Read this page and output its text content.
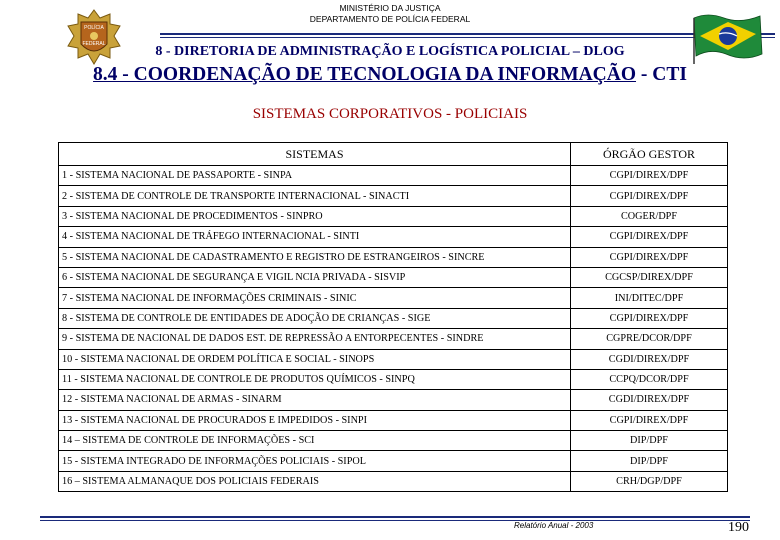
MINISTÉRIO DA JUSTIÇA
DEPARTAMENTO DE POLÍCIA FEDERAL
POLÍCIA
FEDERAL	8 - DIRETORIA DE ADMINISTRAÇÃO E LOGÍSTICA POLICIAL – DLOG
8.4 - COORDENAÇÃO DE TECNOLOGIA DA INFORMAÇÃO - CTI
SISTEMAS CORPORATIVOS - POLICIAIS
SISTEMAS	ÓRGÃO GESTOR
1 - SISTEMA NACIONAL DE PASSAPORTE - SINPA	CGPI/DIREX/DPF
2 - SISTEMA DE CONTROLE DE TRANSPORTE INTERNACIONAL - SINACTI	CGPI/DIREX/DPF
3 - SISTEMA NACIONAL DE PROCEDIMENTOS - SINPRO	COGER/DPF
4 - SISTEMA NACIONAL DE TRÁFEGO INTERNACIONAL - SINTI	CGPI/DIREX/DPF
5 - SISTEMA NACIONAL DE CADASTRAMENTO E REGISTRO DE ESTRANGEIROS - SINCRE	CGPI/DIREX/DPF
6 - SISTEMA NACIONAL DE SEGURANÇA E VIGIL NCIA PRIVADA - SISVIP	CGCSP/DIREX/DPF
7 - SISTEMA NACIONAL DE INFORMAÇÕES CRIMINAIS - SINIC	INI/DITEC/DPF
8 - SISTEMA DE CONTROLE DE ENTIDADES DE ADOÇÃO DE CRIANÇAS - SIGE	CGPI/DIREX/DPF
9 - SISTEMA DE NACIONAL DE DADOS EST. DE REPRESSÃO A ENTORPECENTES - SINDRE	CGPRE/DCOR/DPF
10 - SISTEMA NACIONAL DE ORDEM POLÍTICA E SOCIAL - SINOPS	CGDI/DIREX/DPF
11 - SISTEMA NACIONAL DE CONTROLE DE PRODUTOS QUÍMICOS - SINPQ	CCPQ/DCOR/DPF
12 - SISTEMA NACIONAL DE ARMAS - SINARM	CGDI/DIREX/DPF
13 - SISTEMA NACIONAL DE PROCURADOS E IMPEDIDOS - SINPI	CGPI/DIREX/DPF
14 – SISTEMA DE CONTROLE DE INFORMAÇÕES - SCI	DIP/DPF
15 - SISTEMA INTEGRADO DE INFORMAÇÕES POLICIAIS - SIPOL	DIP/DPF
16 – SISTEMA ALMANAQUE DOS POLICIAIS FEDERAIS	CRH/DGP/DPF
Relatório Anual - 2003	190
